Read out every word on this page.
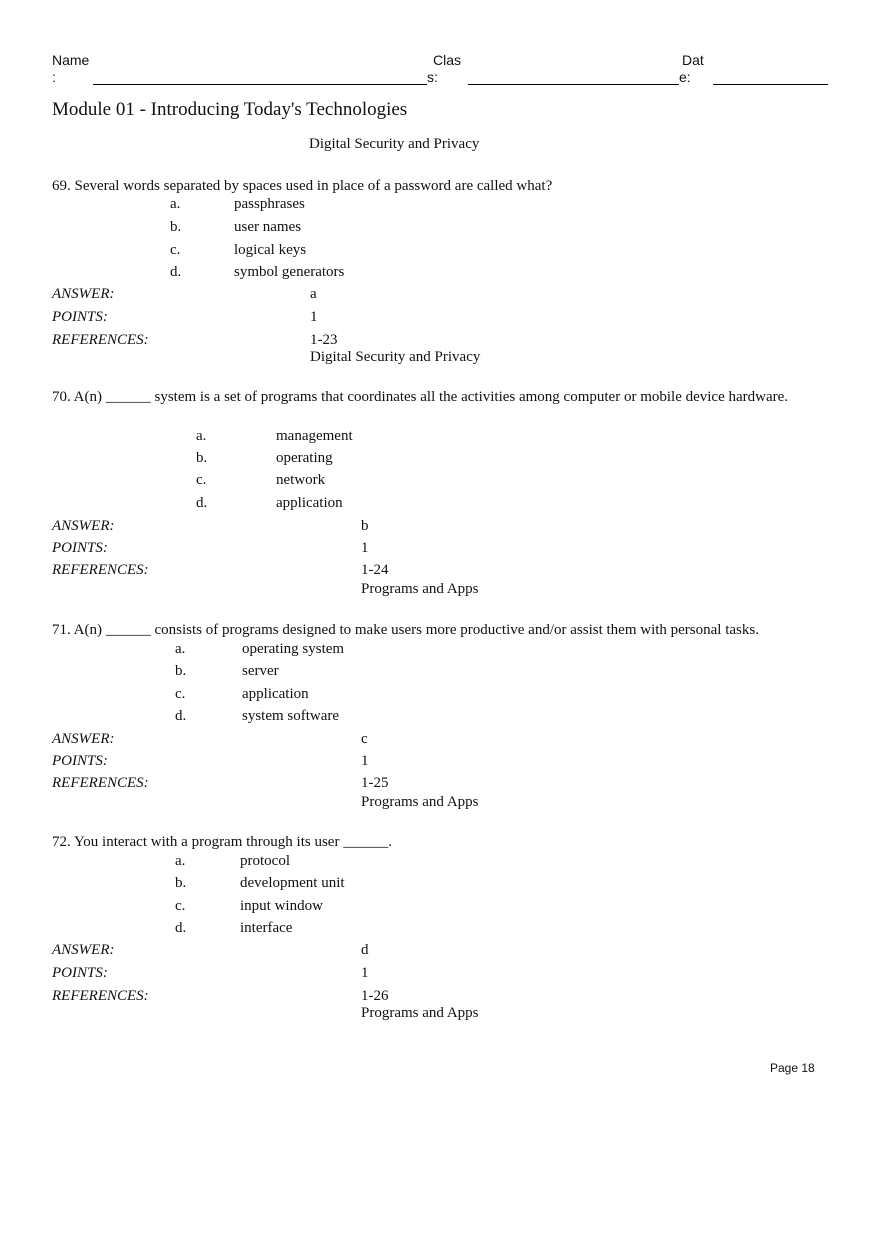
Name
:
Clas
s:
Dat
e:
Module 01 - Introducing Today's Technologies
Digital Security and Privacy
69. Several words separated by spaces used in place of a password are called what?
a.	passphrases
b.	user names
c.	logical keys
d.	symbol generators
ANSWER:	a
POINTS:	1
REFERENCES:	1-23
Digital Security and Privacy
70. A(n) ______ system is a set of programs that coordinates all the activities among computer or mobile device hardware.
a.	management
b.	operating
c.	network
d.	application
ANSWER:	b
POINTS:	1
REFERENCES:	1-24
Programs and Apps
71. A(n) ______ consists of programs designed to make users more productive and/or assist them with personal tasks.
a.	operating system
b.	server
c.	application
d.	system software
ANSWER:	c
POINTS:	1
REFERENCES:	1-25
Programs and Apps
72. You interact with a program through its user ______.
a.	protocol
b.	development unit
c.	input window
d.	interface
ANSWER:	d
POINTS:	1
REFERENCES:	1-26
Programs and Apps
Page 18
